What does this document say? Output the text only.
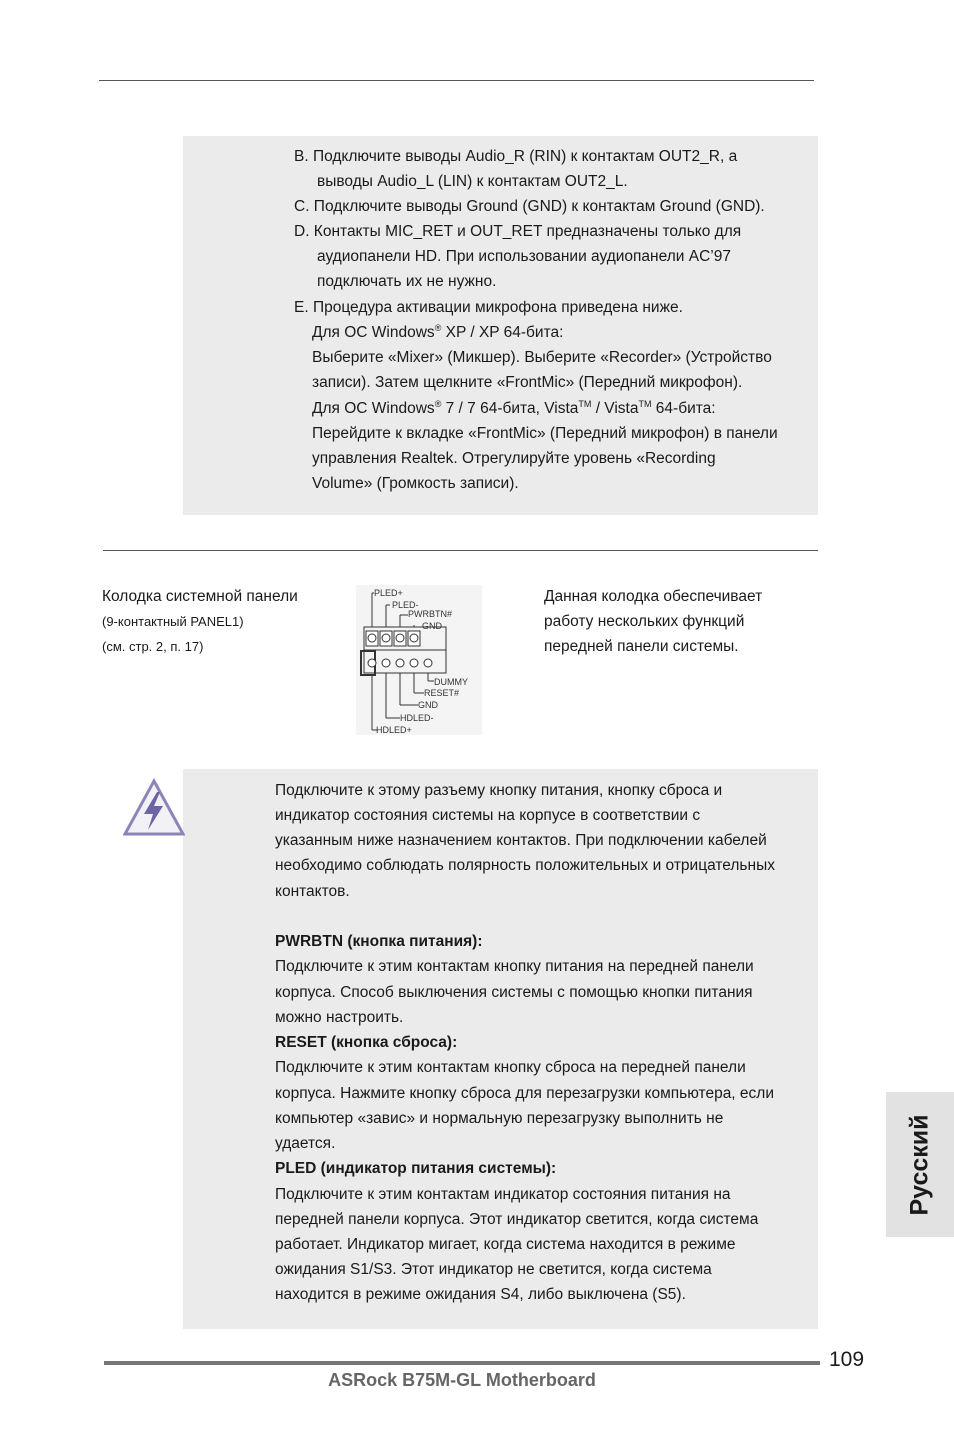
B. Подключите выводы Audio_R (RIN) к контактам OUT2_R, а
выводы Audio_L (LIN) к контактам OUT2_L.
C. Подключите выводы Ground (GND) к контактам Ground (GND).
D. Контакты MIC_RET и OUT_RET предназначены только для
аудиопанели HD. При использовании аудиопанели AC’97
подключать их не нужно.
E. Процедура активации микрофона приведена ниже.
Для ОС Windows® XP / XP 64-бита:
Выберите «Mixer» (Микшер). Выберите «Recorder» (Устройство
записи). Затем щелкните «FrontMic» (Передний микрофон).
Для ОС Windows® 7 / 7 64-бита, Vista™ / Vista™ 64-бита:
Перейдите к вкладке «FrontMic» (Передний микрофон) в панели
управления Realtek. Отрегулируйте уровень «Recording
Volume» (Громкость записи).
Колодка системной панели
(9-контактный PANEL1)
(см. стр. 2, п. 17)
Данная колодка обеспечивает
работу нескольких функций
передней панели системы.
PLED+
PLED-
PWRBTN#
GND
DUMMY
RESET#
GND
HDLED-
HDLED+
Подключите к этому разъему кнопку питания, кнопку сброса и
индикатор состояния системы на корпусе в соответствии с
указанным ниже назначением контактов. При подключении кабелей
необходимо соблюдать полярность положительных и отрицательных
контактов.
PWRBTN (кнопка питания):
Подключите к этим контактам кнопку питания на передней панели
корпуса. Способ выключения системы с помощью кнопки питания
можно настроить.
RESET (кнопка сброса):
Подключите к этим контактам кнопку сброса на передней панели
корпуса. Нажмите кнопку сброса для перезагрузки компьютера, если
компьютер «завис» и нормальную перезагрузку выполнить не
удается.
PLED (индикатор питания системы):
Подключите к этим контактам индикатор состояния питания на
передней панели корпуса. Этот индикатор светится, когда система
работает. Индикатор мигает, когда система находится в режиме
ожидания S1/S3. Этот индикатор не светится, когда система
находится в режиме ожидания S4, либо выключена (S5).
Русский
109
ASRock B75M-GL Motherboard
